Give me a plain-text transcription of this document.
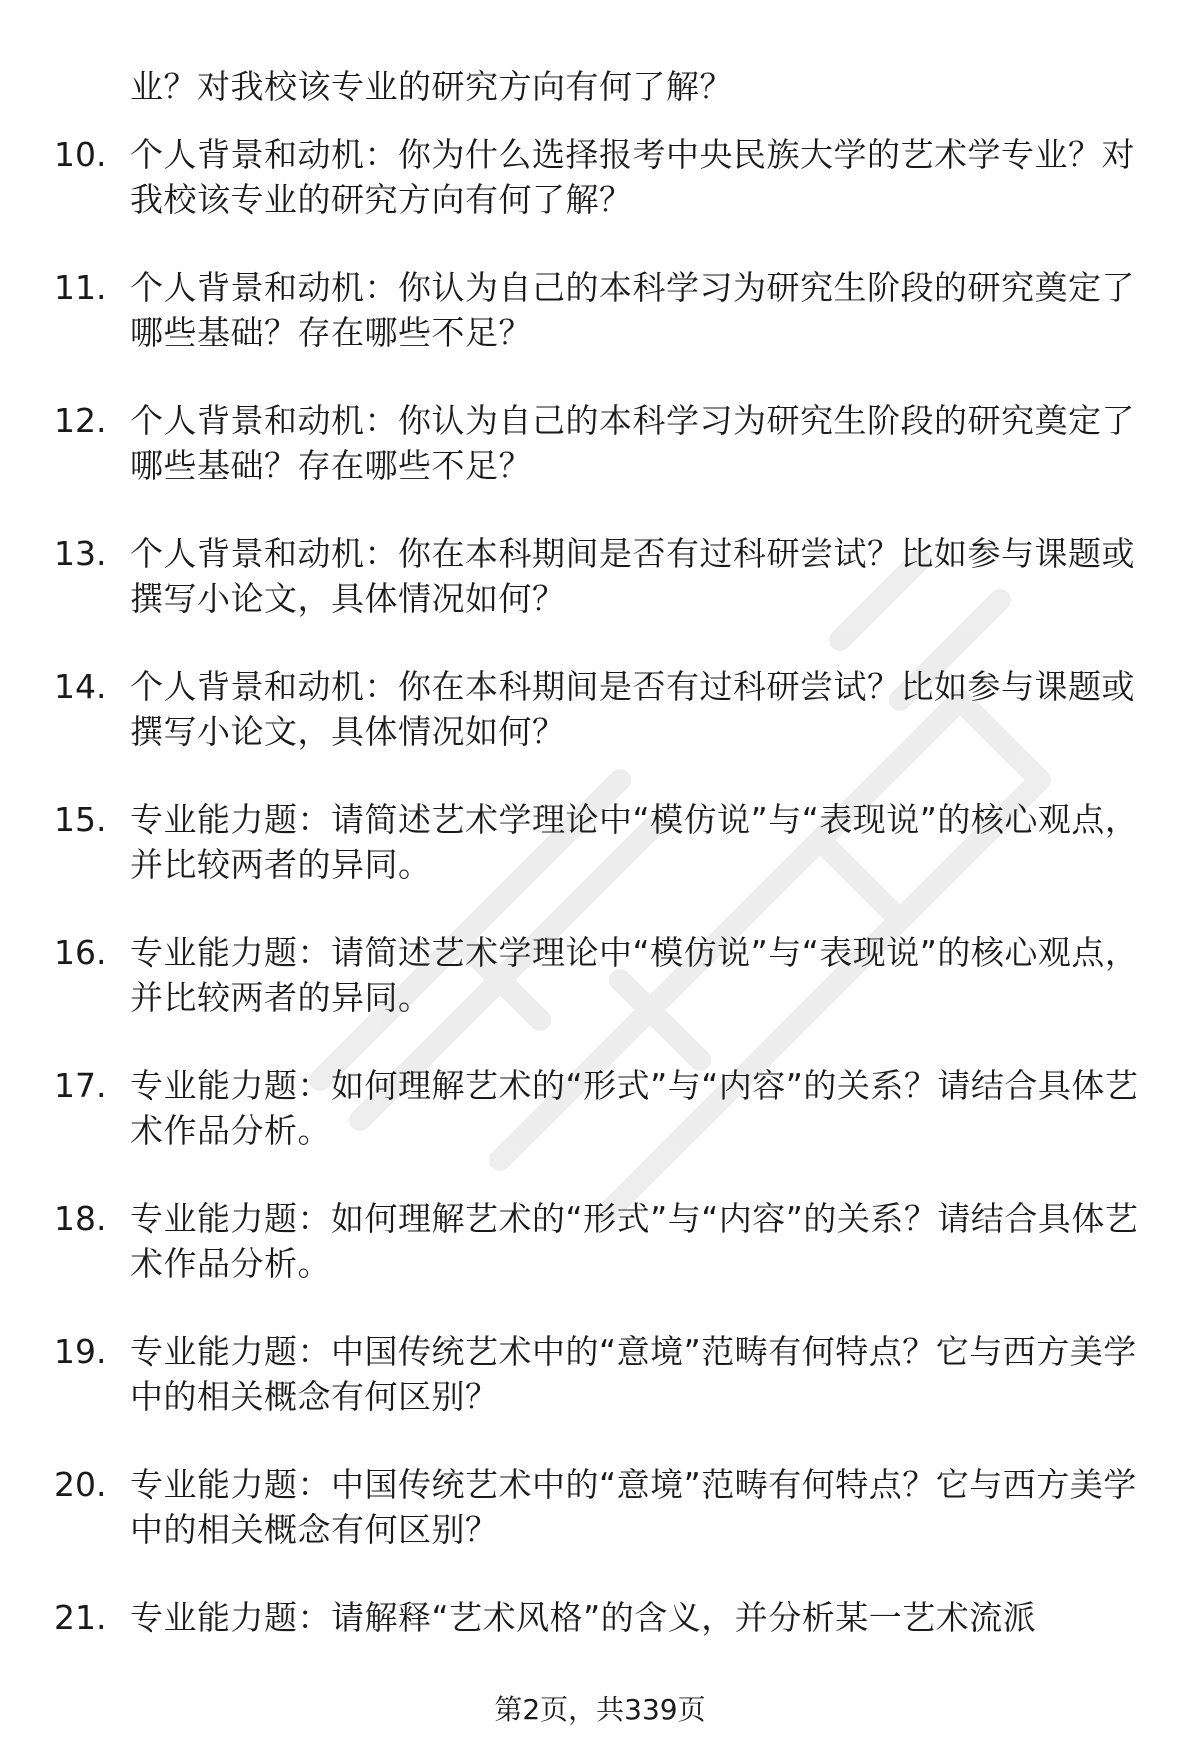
业？对我校该专业的研究方向有何了解？
10. 个人背景和动机：你为什么选择报考中央民族大学的艺术学专业？对我校该专业的研究方向有何了解？
11. 个人背景和动机：你认为自己的本科学习为研究生阶段的研究奠定了哪些基础？存在哪些不足？
12. 个人背景和动机：你认为自己的本科学习为研究生阶段的研究奠定了哪些基础？存在哪些不足？
13. 个人背景和动机：你在本科期间是否有过科研尝试？比如参与课题或撰写小论文，具体情况如何？
14. 个人背景和动机：你在本科期间是否有过科研尝试？比如参与课题或撰写小论文，具体情况如何？
15. 专业能力题：请简述艺术学理论中“模仿说”与“表现说”的核心观点，并比较两者的异同。
16. 专业能力题：请简述艺术学理论中“模仿说”与“表现说”的核心观点，并比较两者的异同。
17. 专业能力题：如何理解艺术的“形式”与“内容”的关系？请结合具体艺术作品分析。
18. 专业能力题：如何理解艺术的“形式”与“内容”的关系？请结合具体艺术作品分析。
19. 专业能力题：中国传统艺术中的“意境”范畴有何特点？它与西方美学中的相关概念有何区别？
20. 专业能力题：中国传统艺术中的“意境”范畴有何特点？它与西方美学中的相关概念有何区别？
21. 专业能力题：请解释“艺术风格”的含义，并分析某一艺术流派
第2页，共339页
